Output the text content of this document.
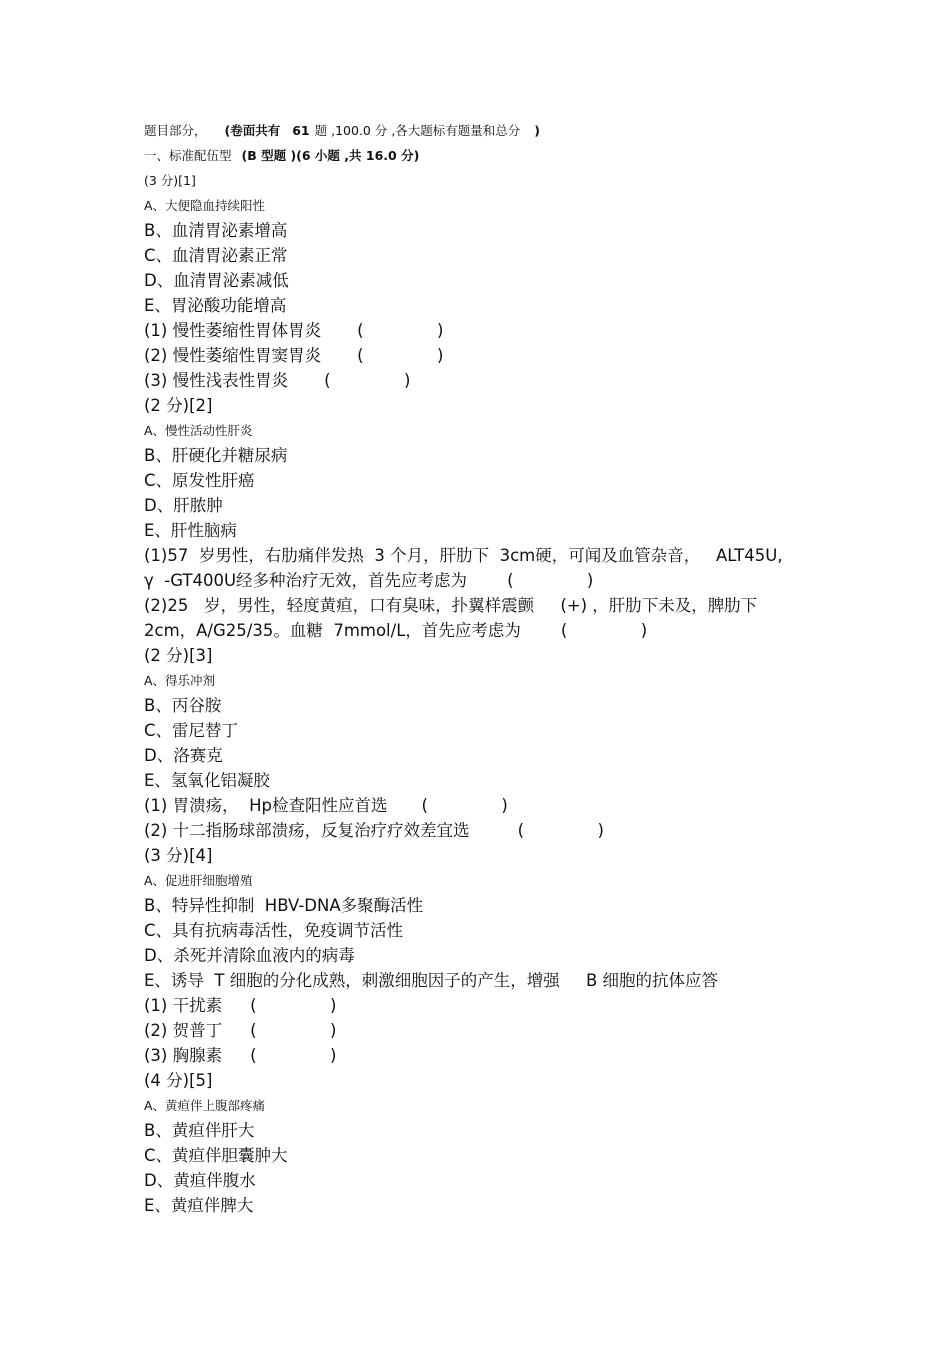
题目部分， (卷面共有 61 题 ,100.0 分 ,各大题标有题量和总分 )
一、标准配伍型 (B 型题 )(6 小题 ,共 16.0 分)
(3 分)[1]
A、大便隐血持续阳性
B、血清胃泌素增高
C、血清胃泌素正常
D、血清胃泌素减低
E、胃泌酸功能增高
(1) 慢性萎缩性胃体胃炎 (              )
(2) 慢性萎缩性胃窦胃炎 (              )
(3) 慢性浅表性胃炎 (              )
(2 分)[2]
A、慢性活动性肝炎
B、肝硬化并糖尿病
C、原发性肝癌
D、肝脓肿
E、肝性脑病
(1)57  岁男性，右肋痛伴发热  3 个月，肝肋下  3cm硬，可闻及血管杂音，   ALT45U,
γ  -GT400U经多种治疗无效，首先应考虑为 (              )
(2)25   岁，男性，轻度黄疸，口有臭味，扑翼样震颤     (+) ，肝肋下未及，脾肋下
2cm，A/G25/35。血糖  7mmol/L，首先应考虑为 (              )
(2 分)[3]
A、得乐冲剂
B、丙谷胺
C、雷尼替丁
D、洛赛克
E、氢氧化铝凝胶
(1) 胃溃疡，  Hp检查阳性应首选 (              )
(2) 十二指肠球部溃疡，反复治疗疗效差宜选	(              )
(3 分)[4]
A、促进肝细胞增殖
B、特异性抑制  HBV-DNA多聚酶活性
C、具有抗病毒活性，免疫调节活性
D、杀死并清除血液内的病毒
E、诱导  T 细胞的分化成熟，刺激细胞因子的产生，增强     B 细胞的抗体应答
(1) 干扰素 (              )
(2) 贺普丁 (              )
(3) 胸腺素 (              )
(4 分)[5]
A、黄疸伴上腹部疼痛
B、黄疸伴肝大
C、黄疸伴胆囊肿大
D、黄疸伴腹水
E、黄疸伴脾大
